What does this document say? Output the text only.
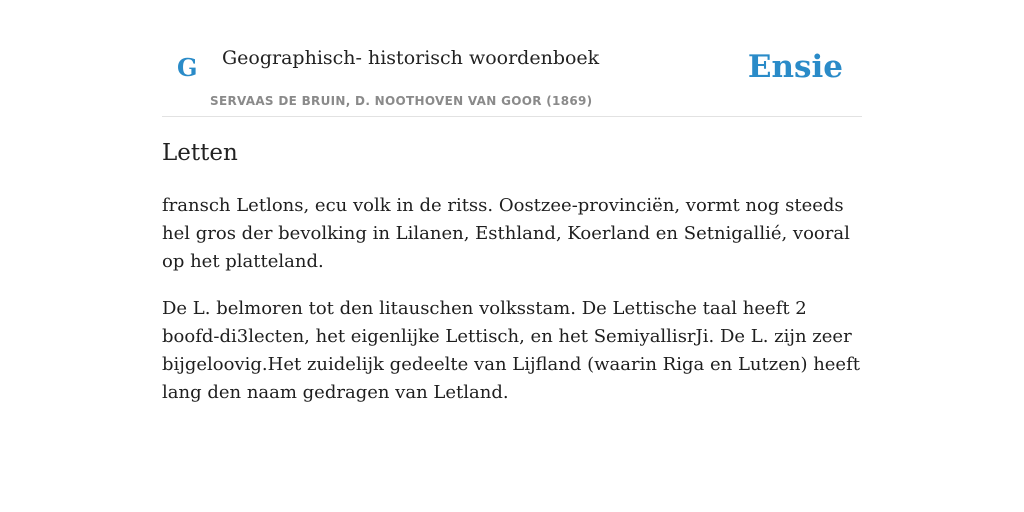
G Geographisch- historisch woordenboek
SERVAAS DE BRUIN, D. NOOTHOVEN VAN GOOR (1869)
Ensie
Letten

fransch Letlons, ecu volk in de ritss. Oostzee-provinciën, vormt nog steeds hel gros der bevolking in Lilanen, Esthland, Koerland en Setnigallié, vooral op het platteland.

De L. belmoren tot den litauschen volksstam. De Lettische taal heeft 2 boofd-di3lecten, het eigenlijke Lettisch, en het SemiyallisrJi. De L. zijn zeer bijgeloovig.Het zuidelijk gedeelte van Lijfland (waarin Riga en Lutzen) heeft lang den naam gedragen van Letland.
